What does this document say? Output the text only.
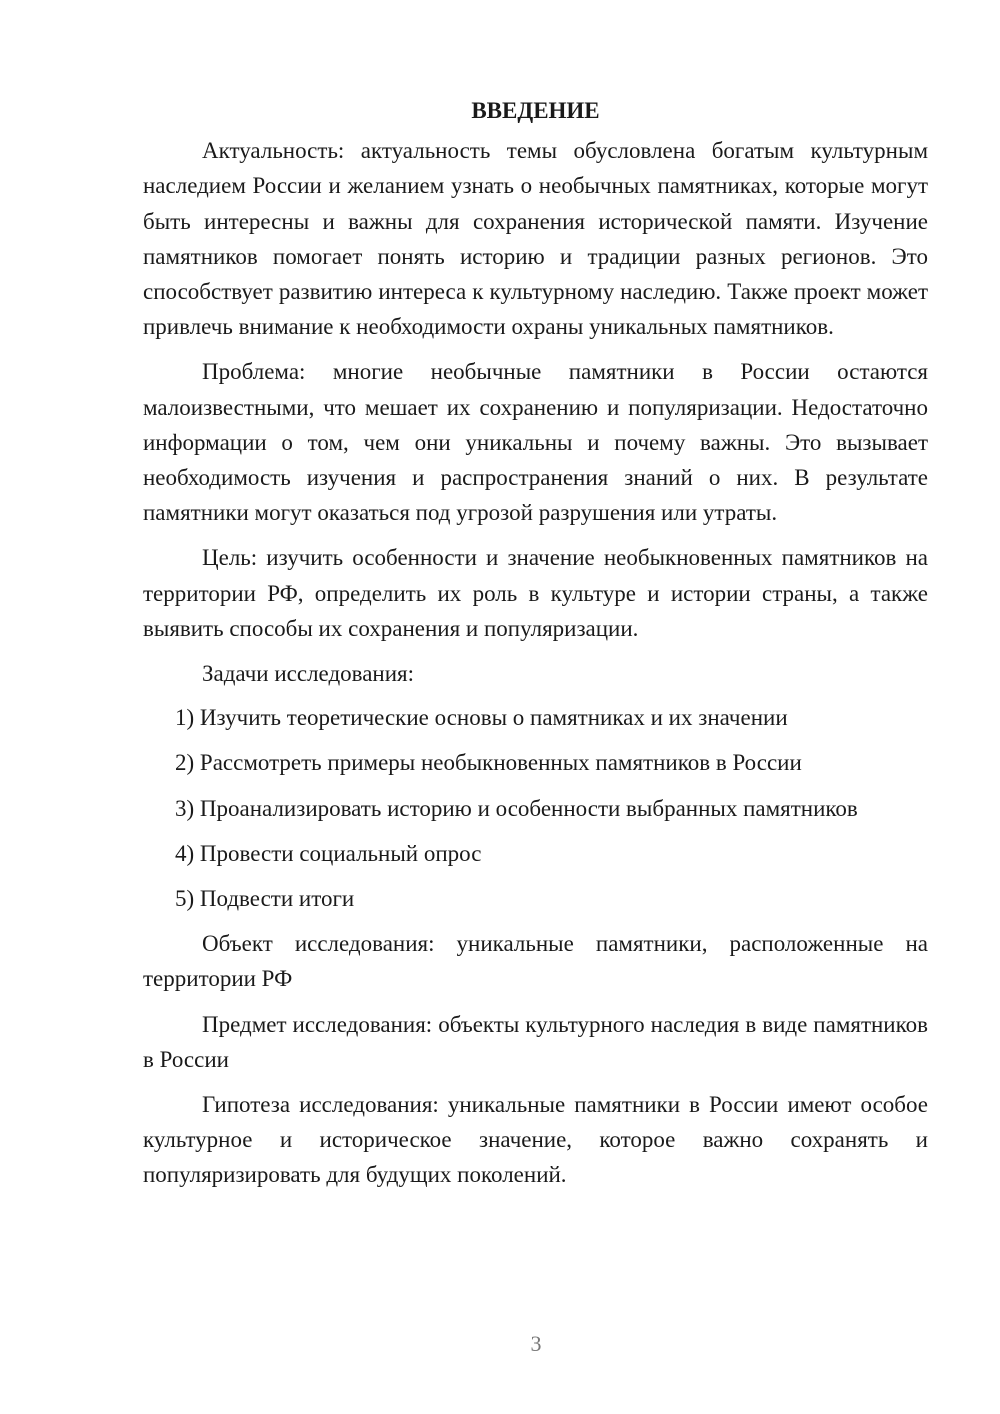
ВВЕДЕНИЕ

Актуальность: актуальность темы обусловлена богатым культурным наследием России и желанием узнать о необычных памятниках, которые могут быть интересны и важны для сохранения исторической памяти. Изучение памятников помогает понять историю и традиции разных регионов. Это способствует развитию интереса к культурному наследию. Также проект может привлечь внимание к необходимости охраны уникальных памятников.

Проблема: многие необычные памятники в России остаются малоизвестными, что мешает их сохранению и популяризации. Недостаточно информации о том, чем они уникальны и почему важны. Это вызывает необходимость изучения и распространения знаний о них. В результате памятники могут оказаться под угрозой разрушения или утраты.

Цель: изучить особенности и значение необыкновенных памятников на территории РФ, определить их роль в культуре и истории страны, а также выявить способы их сохранения и популяризации.

Задачи исследования:

1) Изучить теоретические основы о памятниках и их значении

2) Рассмотреть примеры необыкновенных памятников в России

3) Проанализировать историю и особенности выбранных памятников

4) Провести социальный опрос

5) Подвести итоги

Объект исследования: уникальные памятники, расположенные на территории РФ

Предмет исследования: объекты культурного наследия в виде памятников в России

Гипотеза исследования: уникальные памятники в России имеют особое культурное и историческое значение, которое важно сохранять и популяризировать для будущих поколений.

3
